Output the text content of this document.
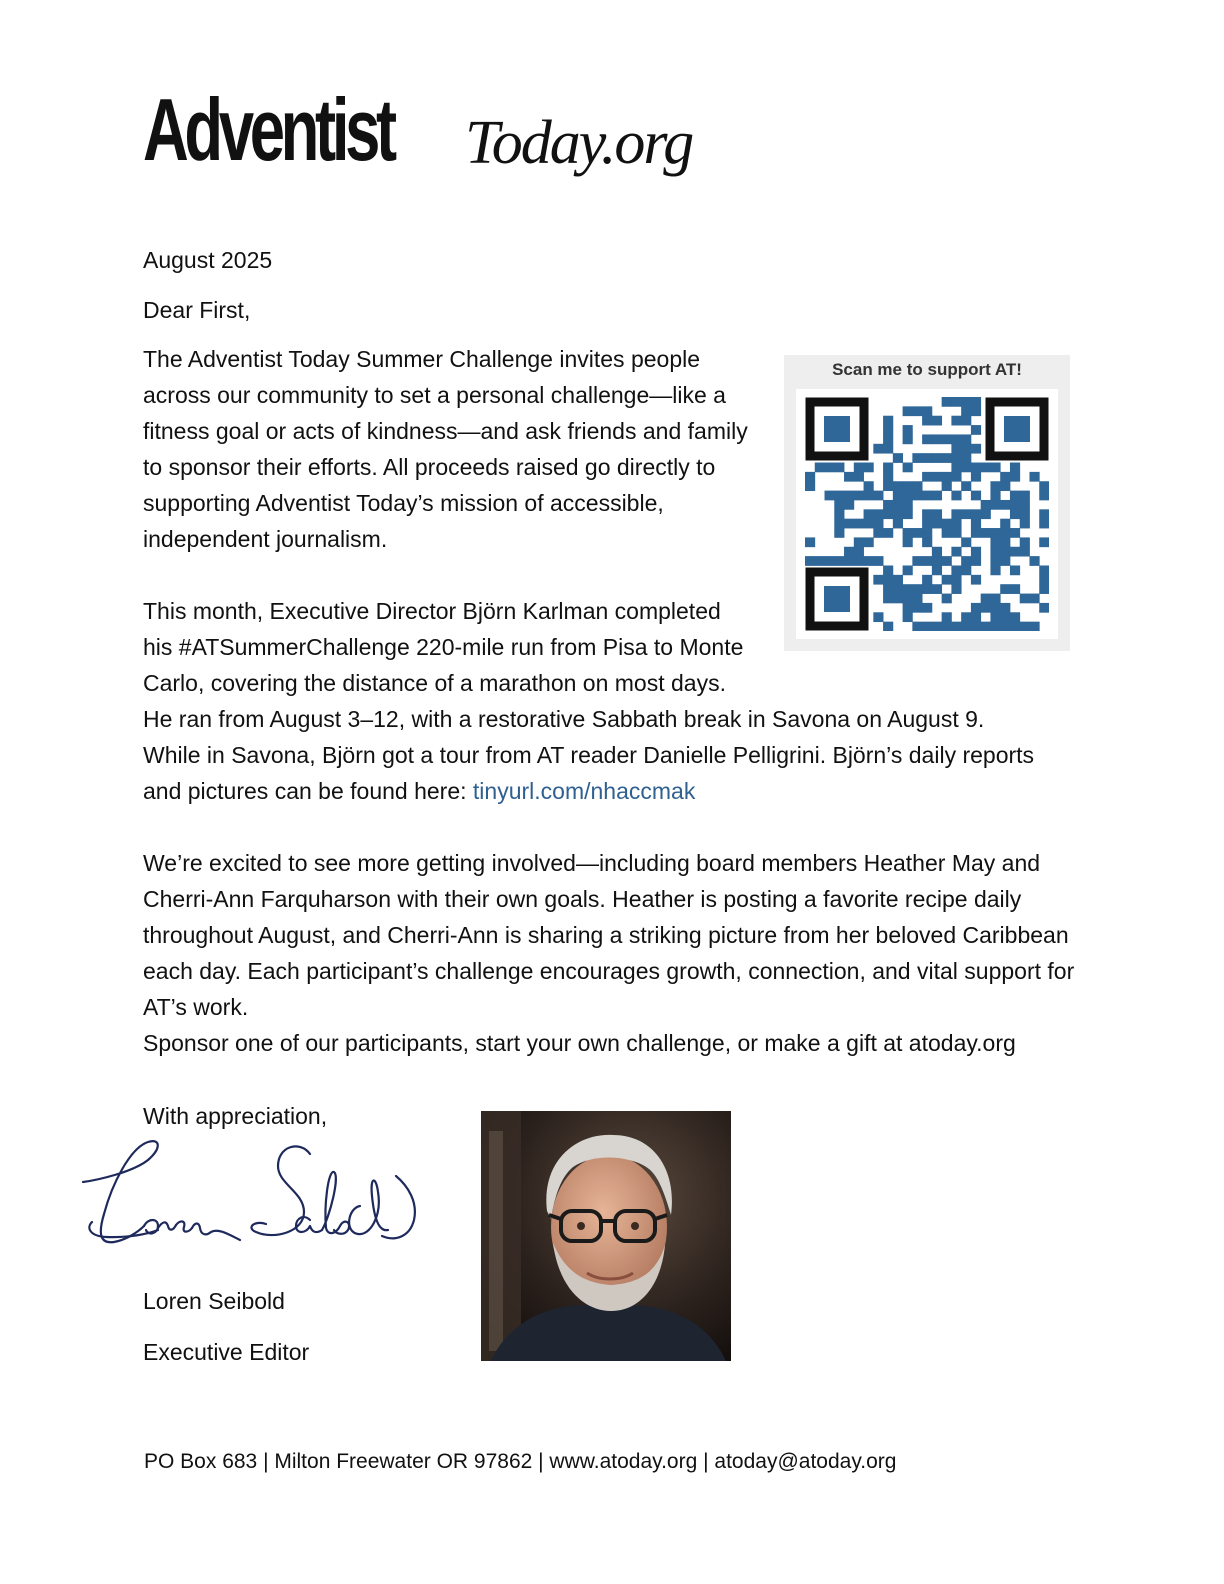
Adventist Today.org
August 2025
Dear First,

The Adventist Today Summer Challenge invites people across our community to set a personal challenge—like a fitness goal or acts of kindness—and ask friends and family to sponsor their efforts. All proceeds raised go directly to supporting Adventist Today’s mission of accessible, independent journalism.

Scan me to support AT!

This month, Executive Director Björn Karlman completed
his #ATSummerChallenge 220-mile run from Pisa to Monte
Carlo, covering the distance of a marathon on most days.
He ran from August 3–12, with a restorative Sabbath break in Savona on August 9.
While in Savona, Björn got a tour from AT reader Danielle Pelligrini. Björn’s daily reports
and pictures can be found here: tinyurl.com/nhaccmak

We’re excited to see more getting involved—including board members Heather May and Cherri-Ann Farquharson with their own goals. Heather is posting a favorite recipe daily throughout August, and Cherri-Ann is sharing a striking picture from her beloved Caribbean each day. Each participant’s challenge encourages growth, connection, and vital support for AT’s work.
Sponsor one of our participants, start your own challenge, or make a gift at atoday.org

With appreciation,
Loren Seibold
Executive Editor
PO Box 683 | Milton Freewater OR 97862 | www.atoday.org | atoday@atoday.org
